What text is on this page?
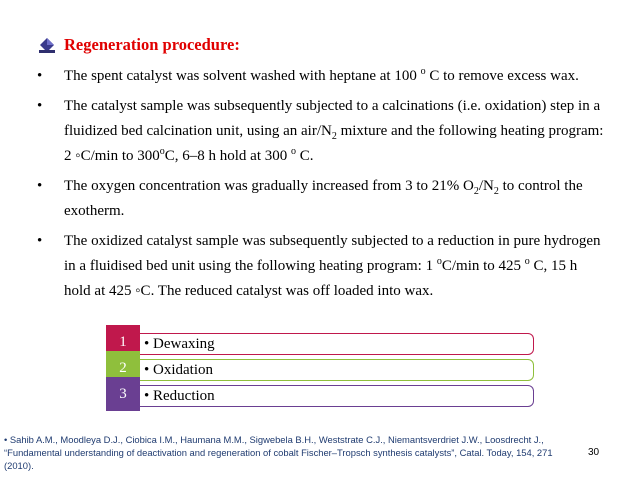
Regeneration procedure:
• The spent catalyst was solvent washed with heptane at 100 $^o$ C to remove excess wax.
• The catalyst sample was subsequently subjected to a calcinations (i.e. oxidation) step in a fluidized bed calcination unit, using an air/$N_2$ mixture and the following heating program: 2 ◦C/min to 300$^o$C, 6–8 h hold at 300 $^o$ C.
• The oxygen concentration was gradually increased from 3 to 21% $O_2/N_2$ to control the exotherm.
• The oxidized catalyst sample was subsequently subjected to a reduction in pure hydrogen in a fluidised bed unit using the following heating program: 1 $^o$C/min to 425 $^o$ C, 15 h hold at 425 ◦C. The reduced catalyst was off loaded into wax.
• Dewaxing
1
• Oxidation
2
• Reduction
3
• Sahib A.M., Moodleya D.J., Ciobica I.M., Haumana M.M., Sigwebela B.H., Weststrate C.J., Niemantsverdriet J.W., Loosdrecht J., “Fundamental understanding of deactivation and regeneration of cobalt Fischer–Tropsch synthesis catalysts”, Catal. Today, 154, 271 (2010).
30
